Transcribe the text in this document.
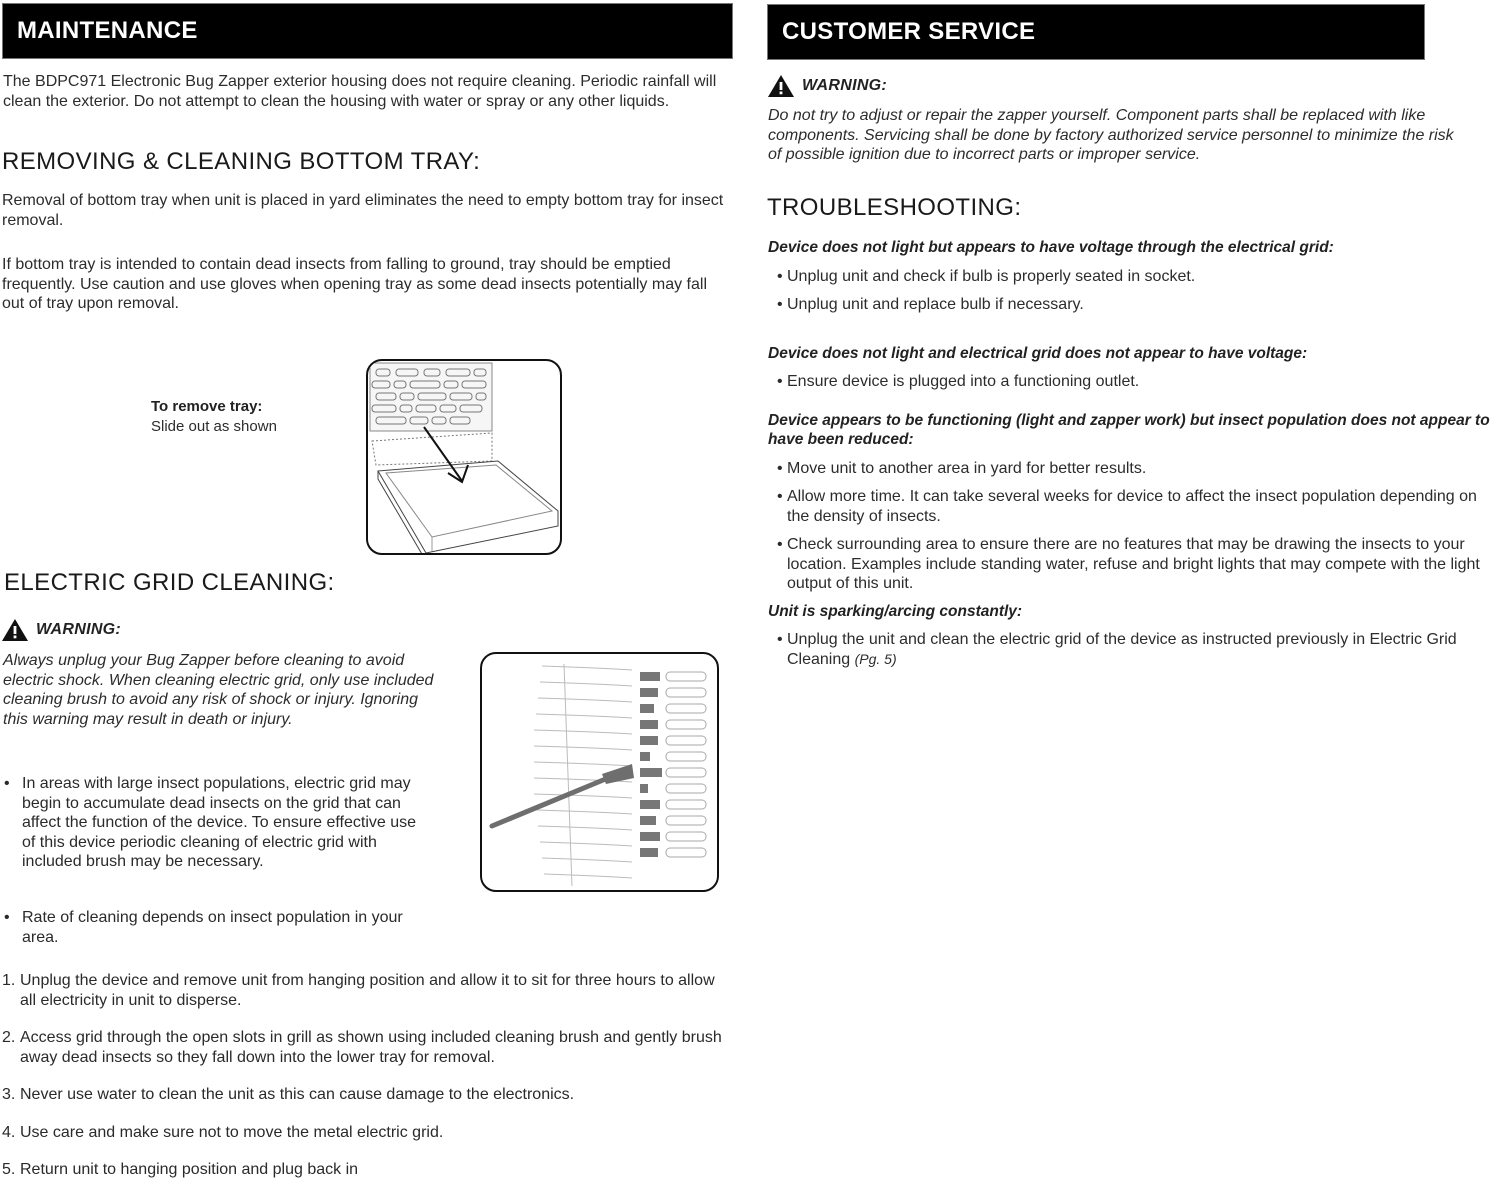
MAINTENANCE

The BDPC971 Electronic Bug Zapper exterior housing does not require cleaning. Periodic rainfall will clean the exterior. Do not attempt to clean the housing with water or spray or any other liquids.

REMOVING & CLEANING BOTTOM TRAY:

Removal of bottom tray when unit is placed in yard eliminates the need to empty bottom tray for insect removal.

If bottom tray is intended to contain dead insects from falling to ground, tray should be emptied frequently. Use caution and use gloves when opening tray as some dead insects potentially may fall out of tray upon removal.

To remove tray:
Slide out as shown
ELECTRIC GRID CLEANING:
WARNING:

Always unplug your Bug Zapper before cleaning to avoid electric shock. When cleaning electric grid, only use included cleaning brush to avoid any risk of shock or injury. Ignoring this warning may result in death or injury.

• In areas with large insect populations, electric grid may begin to accumulate dead insects on the grid that can affect the function of the device. To ensure effective use of this device periodic cleaning of electric grid with included brush may be necessary.
• Rate of cleaning depends on insect population in your area.
1. Unplug the device and remove unit from hanging position and allow it to sit for three hours to allow all electricity in unit to disperse.
2. Access grid through the open slots in grill as shown using included cleaning brush and gently brush away dead insects so they fall down into the lower tray for removal.
3. Never use water to clean the unit as this can cause damage to the electronics.
4. Use care and make sure not to move the metal electric grid.
5. Return unit to hanging position and plug back in
CUSTOMER SERVICE
WARNING:

Do not try to adjust or repair the zapper yourself. Component parts shall be replaced with like components. Servicing shall be done by factory authorized service personnel to minimize the risk of possible ignition due to incorrect parts or improper service.

TROUBLESHOOTING:
Device does not light but appears to have voltage through the electrical grid:
• Unplug unit and check if bulb is properly seated in socket.
• Unplug unit and replace bulb if necessary.
Device does not light and electrical grid does not appear to have voltage:
• Ensure device is plugged into a functioning outlet.
Device appears to be functioning (light and zapper work) but insect population does not appear to have been reduced:
• Move unit to another area in yard for better results.
• Allow more time. It can take several weeks for device to affect the insect population depending on the density of insects.
• Check surrounding area to ensure there are no features that may be drawing the insects to your location. Examples include standing water, refuse and bright lights that may compete with the light output of this unit.
Unit is sparking/arcing constantly:
• Unplug the unit and clean the electric grid of the device as instructed previously in Electric Grid Cleaning (Pg. 5)
